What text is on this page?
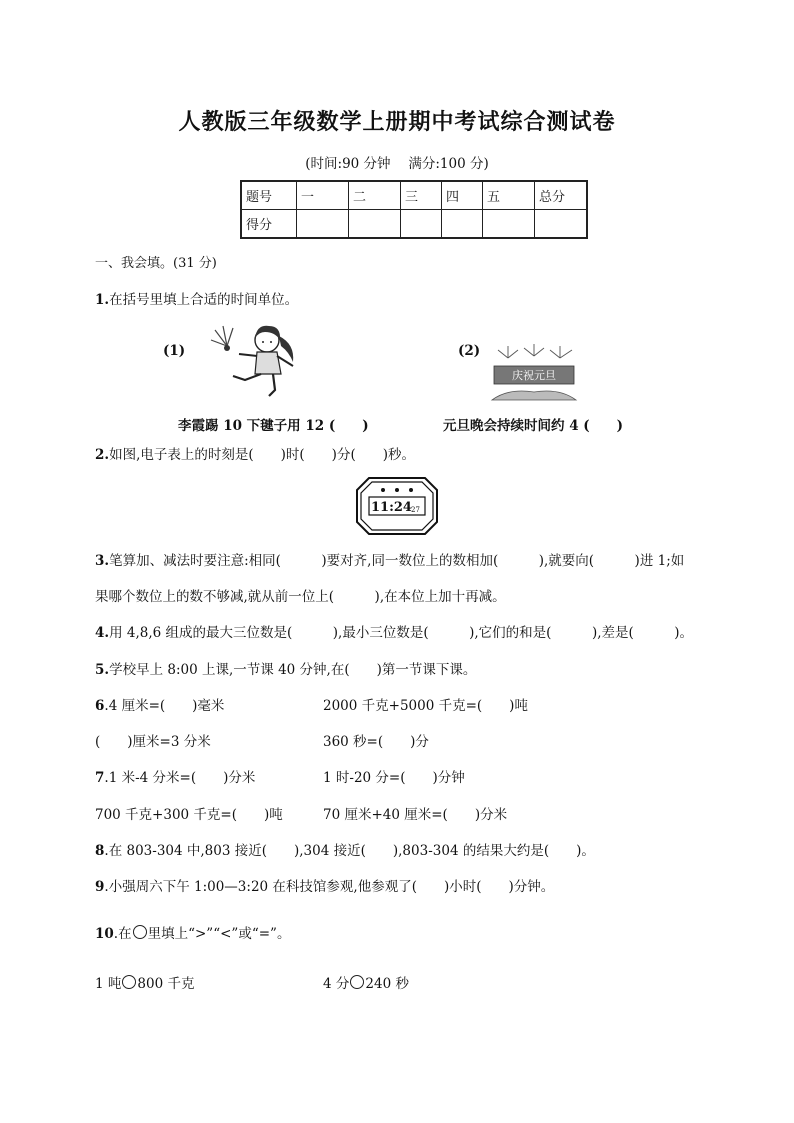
人教版三年级数学上册期中考试综合测试卷
(时间:90 分钟　 满分:100 分)
题号	一	二	三	四	五	总分
得分						
一、我会填。(31 分)
1.在括号里填上合适的时间单位。
(1)	(2)
庆祝元旦
李霞踢 10 下毽子用 12 (　　)	元旦晚会持续时间约 4 (　　)
2.如图,电子表上的时刻是(　　)时(　　)分(　　)秒。
11:24 27
3.笔算加、减法时要注意:相同(　　　)要对齐,同一数位上的数相加(　　　),就要向(　　　)进 1;如
果哪个数位上的数不够减,就从前一位上(　　　),在本位上加十再减。
4.用 4,8,6 组成的最大三位数是(　　　),最小三位数是(　　　),它们的和是(　　　),差是(　　　)。
5.学校早上 8:00 上课,一节课 40 分钟,在(　　)第一节课下课。
6.4 厘米=(　　)毫米	2000 千克+5000 千克=(　　)吨
(　　)厘米=3 分米	360 秒=(　　)分
7.1 米-4 分米=(　　)分米	1 时-20 分=(　　)分钟
700 千克+300 千克=(　　)吨	70 厘米+40 厘米=(　　)分米
8.在 803-304 中,803 接近(　　),304 接近(　　),803-304 的结果大约是(　　)。
9.小强周六下午 1:00—3:20 在科技馆参观,他参观了(　　)小时(　　)分钟。
10.在 里填上“>”“<”或“=”。
1 吨 800 千克	4 分 240 秒
